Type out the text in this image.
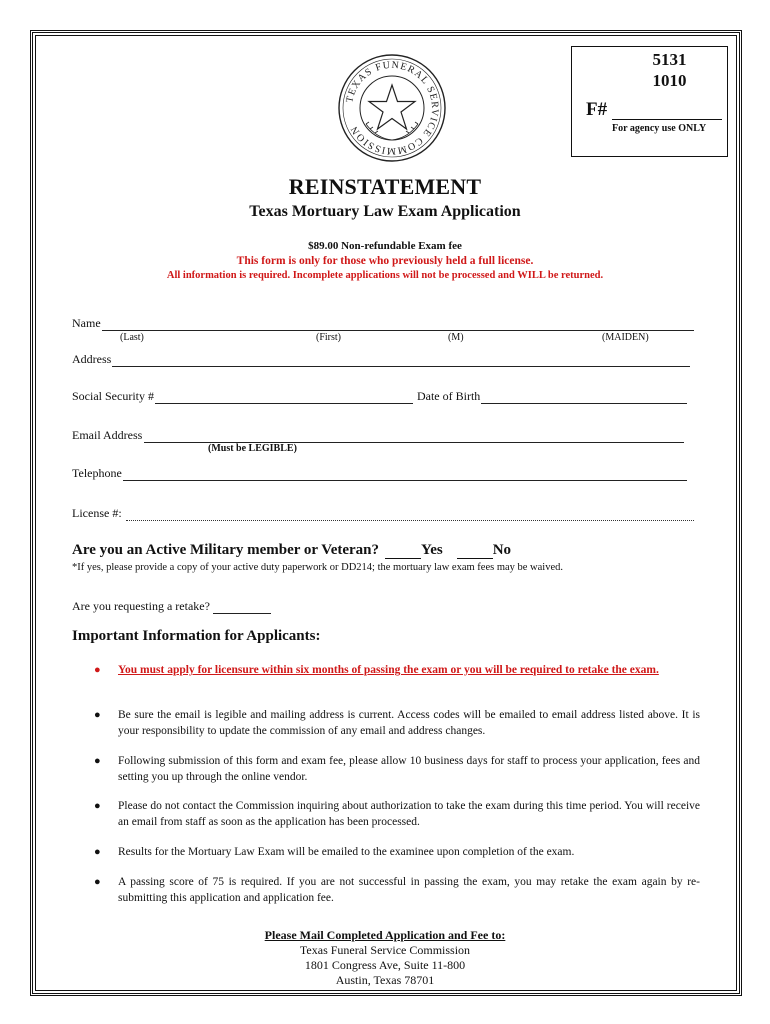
TEXAS FUNERAL SERVICE COMMISSION
5131
1010
F#
For agency use ONLY
REINSTATEMENT
Texas Mortuary Law Exam Application
$89.00 Non-refundable Exam fee
This form is only for those who previously held a full license.
All information is required. Incomplete applications will not be processed and WILL be returned.
Name
(Last)	(First)	(M)	(MAIDEN)
Address
Social Security #	Date of Birth
Email Address
(Must be LEGIBLE)
Telephone
License #:
Are you an Active Military member or Veteran?	Yes	No
*If yes, please provide a copy of your active duty paperwork or DD214; the mortuary law exam fees may be waived.
Are you requesting a retake?
Important Information for Applicants:
● You must apply for licensure within six months of passing the exam or you will be required to retake the exam.
● Be sure the email is legible and mailing address is current. Access codes will be emailed to email address listed above. It is your responsibility to update the commission of any email and address changes.
● Following submission of this form and exam fee, please allow 10 business days for staff to process your application, fees and setting you up through the online vendor.
● Please do not contact the Commission inquiring about authorization to take the exam during this time period. You will receive an email from staff as soon as the application has been processed.
● Results for the Mortuary Law Exam will be emailed to the examinee upon completion of the exam.
● A passing score of 75 is required. If you are not successful in passing the exam, you may retake the exam again by re-submitting this application and application fee.
Please Mail Completed Application and Fee to:
Texas Funeral Service Commission
1801 Congress Ave, Suite 11-800
Austin, Texas 78701
